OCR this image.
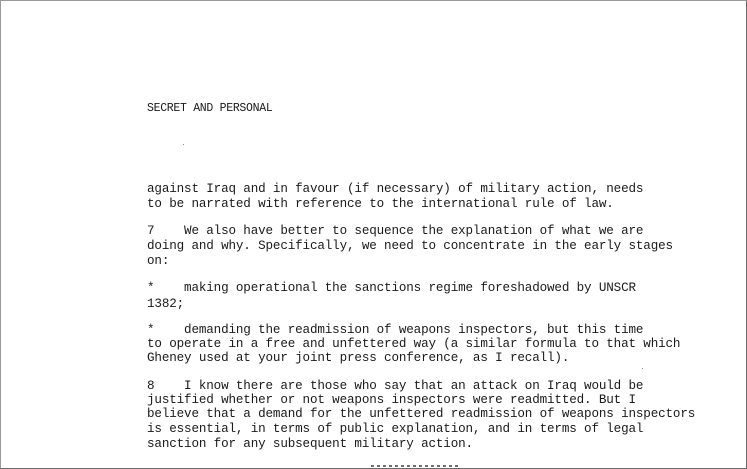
SECRET AND PERSONAL
against Iraq and in favour (if necessary) of military action, needs
to be narrated with reference to the international rule of law.
7    We also have better to sequence the explanation of what we are
doing and why. Specifically, we need to concentrate in the early stages
on:
*    making operational the sanctions regime foreshadowed by UNSCR
1382;
*    demanding the readmission of weapons inspectors, but this time
to operate in a free and unfettered way (a similar formula to that which
Gheney used at your joint press conference, as I recall).
8    I know there are those who say that an attack on Iraq would be
justified whether or not weapons inspectors were readmitted. But I
believe that a demand for the unfettered readmission of weapons inspectors
is essential, in terms of public explanation, and in terms of legal
sanction for any subsequent military action.
